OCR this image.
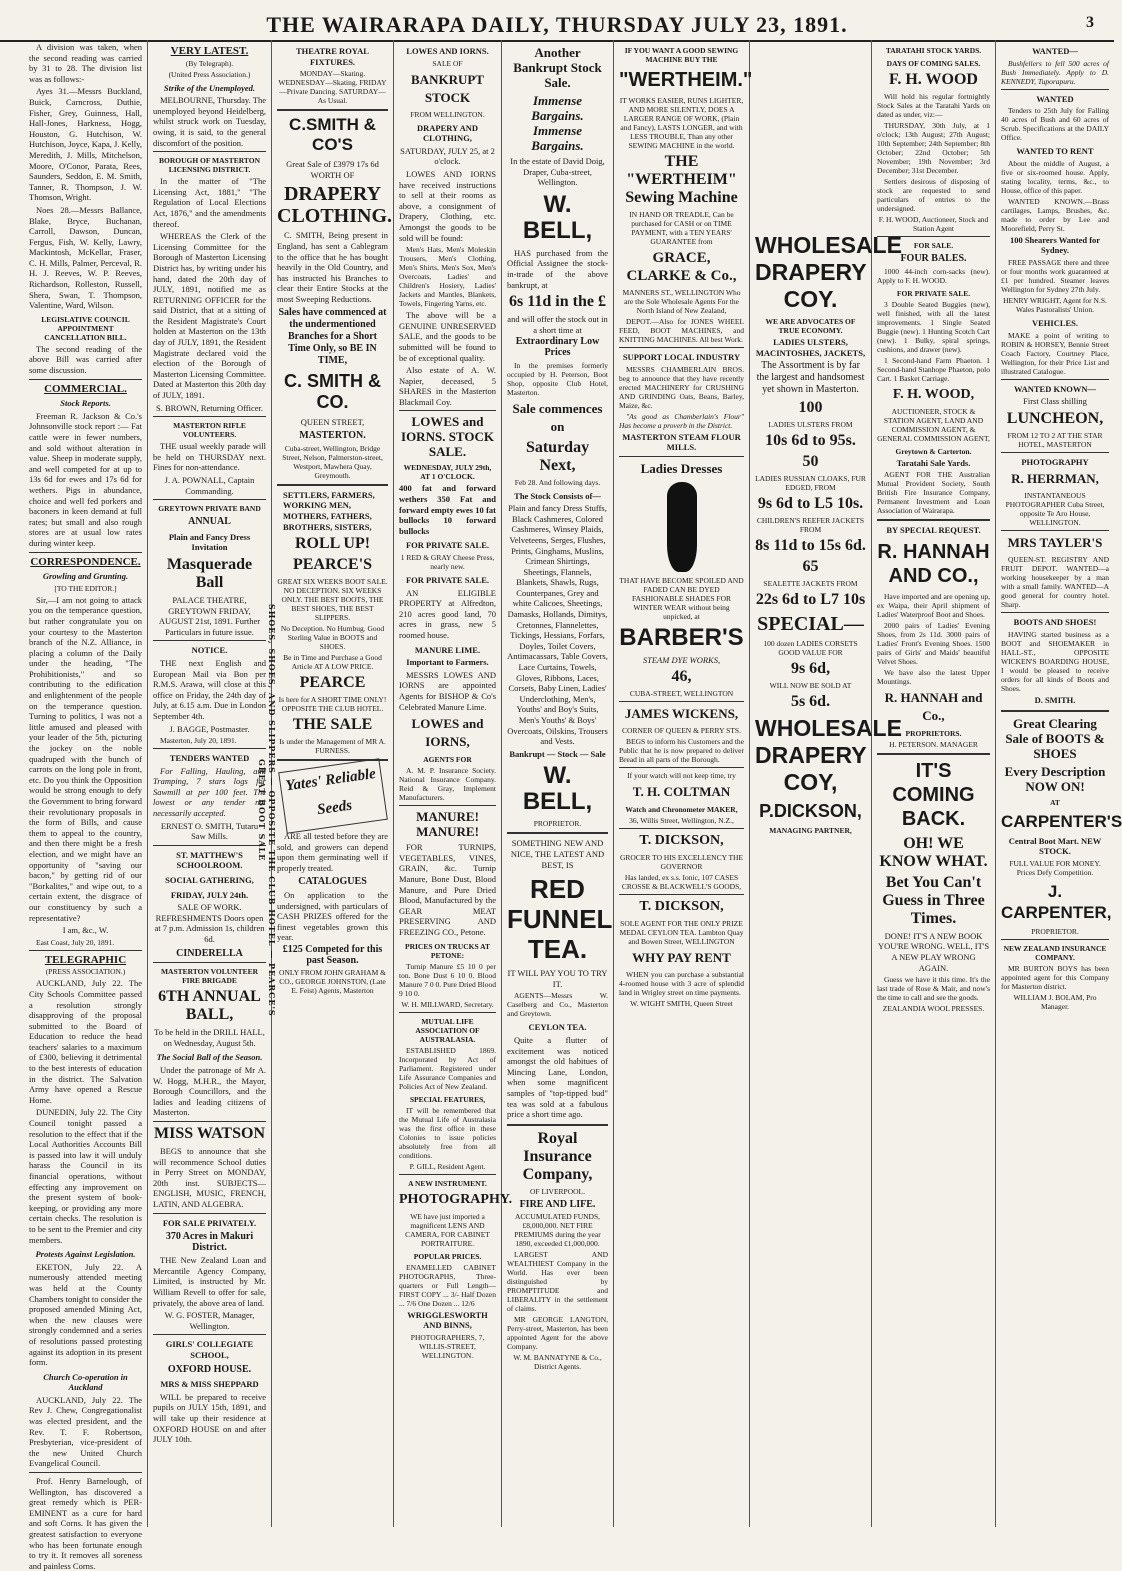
THE WAIRARAPA DAILY, THURSDAY JULY 23, 1891.	3

A division was taken, when the second reading was carried by 31 to 28. The division list was as follows:-

Ayes 31.—Messrs Buckland, Buick, Carncross, Duthie, Fisher, Grey, Guinness, Hall, Hall-Jones, Harkness, Hogg, Houston, G. Hutchison, W. Hutchison, Joyce, Kapa, J. Kelly, Meredith, J. Mills, Mitchelson, Moore, O'Conor, Parata, Rees, Saunders, Seddon, E. M. Smith, Tanner, R. Thompson, J. W. Thomson, Wright.

Noes 28.—Messrs Ballance, Blake, Bryce, Buchanan, Carroll, Dawson, Duncan, Fergus, Fish, W. Kelly, Lawry, Mackintosh, McKellar, Fraser, C. H. Mills, Palmer, Perceval, R. H. J. Reeves, W. P. Reeves, Richardson, Rolleston, Russell, Shera, Swan, T. Thompson, Valentine, Ward, Wilson.

LEGISLATIVE COUNCIL APPOINTMENT CANCELLATION BILL.

The second reading of the above Bill was carried after some discussion.

COMMERCIAL.

Stock Reports.

Freeman R. Jackson & Co.'s Johnsonville stock report :— Fat cattle were in fewer numbers, and sold without alteration in value. Sheep in moderate supply, and well competed for at up to 13s 6d for ewes and 17s 6d for wethers. Pigs in abundance, choice and well fed porkers and baconers in keen demand at full rates; but small and also rough stores are at usual low rates during winter keep.

CORRESPONDENCE.

Growling and Grunting.

[TO THE EDITOR.]

Sir,—I am not going to attack you on the temperance question, but rather congratulate you on your courtesy to the Masterton branch of the N.Z. Alliance, in placing a column of the Daily under the heading, "The Prohibitionists," and so contributing to the edification and enlightenment of the people on the temperance question. Turning to politics, I was not a little amused and pleased with your leader of the 5th, picturing the jockey on the noble quadruped with the bunch of carrots on the long pole in front, etc. Do you think the Opposition would be strong enough to defy the Government to bring forward their revolutionary proposals in the form of Bills, and cause them to appeal to the country, and then there might be a fresh election, and we might have an opportunity of "saving our bacon," by getting rid of our "Borkalites," and wipe out, to a certain extent, the disgrace of our constituency by such a representative?

I am, &c., W.

East Coast, July 20, 1891.

TELEGRAPHIC

(PRESS ASSOCIATION.)

AUCKLAND, July 22. The City Schools Committee passed a resolution strongly disapproving of the proposal submitted to the Board of Education to reduce the head teachers' salaries to a maximum of £300, believing it detrimental to the best interests of education in the district. The Salvation Army have opened a Rescue Home.

DUNEDIN, July 22. The City Council tonight passed a resolution to the effect that if the Local Authorities Accounts Bill is passed into law it will unduly harass the Council in its financial operations, without effecting any improvement on the present system of book-keeping, or providing any more certain checks. The resolution is to be sent to the Premier and city members.

Protests Against Legislation.

EKETON, July 22. A numerously attended meeting was held at the County Chambers tonight to consider the proposed amended Mining Act, when the new clauses were strongly condemned and a series of resolutions passed protesting against its adoption in its present form.

Church Co-operation in Auckland

AUCKLAND, July 22. The Rev J. Chew, Congregationalist was elected president, and the Rev. T. F. Robertson, Presbyterian, vice-president of the new United Church Evangelical Council.

Prof. Henry Barnelough, of Wellington, has discovered a great remedy which is PER-EMINENT as a cure for hard and soft Corns. It has given the greatest satisfaction to everyone who has been fortunate enough to try it. It removes all soreness and painless Corns.

VERY LATEST.

(By Telegraph).

(United Press Association.)

Strike of the Unemployed.

MELBOURNE, Thursday. The unemployed beyond Heidelberg, whilst struck work on Tuesday, owing, it is said, to the general discomfort of the position.

BOROUGH OF MASTERTON LICENSING DISTRICT.

In the matter of "The Licensing Act, 1881," "The Regulation of Local Elections Act, 1876," and the amendments thereof.

WHEREAS the Clerk of the Licensing Committee for the Borough of Masterton Licensing District has, by writing under his hand, dated the 20th day of JULY, 1891, notified me as RETURNING OFFICER for the said District, that at a sitting of the Resident Magistrate's Court holden at Masterton on the 13th day of JULY, 1891, the Resident Magistrate declared void the election of the Borough of Masterton Licensing Committee. Dated at Masterton this 20th day of JULY, 1891.

S. BROWN, Returning Officer.

MASTERTON RIFLE VOLUNTEERS.

THE usual weekly parade will be held on THURSDAY next. Fines for non-attendance.

J. A. POWNALL, Captain Commanding.

GREYTOWN PRIVATE BAND

ANNUAL

Plain and Fancy Dress Invitation

Masquerade Ball

PALACE THEATRE, GREYTOWN FRIDAY, AUGUST 21st, 1891. Further Particulars in future issue.

NOTICE.

THE next English and European Mail via Bon per R.M.S. Arawa, will close at this office on Friday, the 24th day of July, at 6.15 a.m. Due in London September 4th.

J. BAGGE, Postmaster.

Masterton, July 20, 1891.

TENDERS WANTED

For Falling, Hauling, and Tramping, 7 stars logs for Sawmill at per 100 feet. The lowest or any tender not necessarily accepted.

ERNEST O. SMITH, Tutaru Saw Mills.

ST. MATTHEW'S SCHOOLROOM.

SOCIAL GATHERING,

FRIDAY, JULY 24th.

SALE OF WORK. REFRESHMENTS Doors open at 7 p.m. Admission 1s, children 6d.

CINDERELLA

MASTERTON VOLUNTEER FIRE BRIGADE

6TH ANNUAL BALL,

To be held in the DRILL HALL, on Wednesday, August 5th.

The Social Ball of the Season.

Under the patronage of Mr A. W. Hogg, M.H.R., the Mayor, Borough Councillors, and the ladies and leading citizens of Masterton.

MISS WATSON

BEGS to announce that she will recommence School duties in Perry Street on MONDAY, 20th inst. SUBJECTS— ENGLISH, MUSIC, FRENCH, LATIN, AND ALGEBRA.

FOR SALE PRIVATELY.

370 Acres in Makuri District.

THE New Zealand Loan and Mercantile Agency Company, Limited, is instructed by Mr. William Revell to offer for sale, privately, the above area of land.

W. G. FOSTER, Manager, Wellington.

GIRLS' COLLEGIATE SCHOOL,

OXFORD HOUSE.

MRS & MISS SHEPPARD

WILL be prepared to receive pupils on JULY 15th, 1891, and will take up their residence at OXFORD HOUSE on and after JULY 10th.

THEATRE ROYAL FIXTURES.

MONDAY—Skating. WEDNESDAY—Skating. FRIDAY—Private Dancing. SATURDAY—As Usual.

C.SMITH & CO'S

Great Sale of £3979 17s 6d WORTH OF

DRAPERY CLOTHING.

C. SMITH, Being present in England, has sent a Cablegram to the office that he has bought heavily in the Old Country, and has instructed his Branches to clear their Entire Stocks at the most Sweeping Reductions.

Sales have commenced at the undermentioned Branches for a Short Time Only, so BE IN TIME,

C. SMITH & CO.

QUEEN STREET,

MASTERTON.

Cuba-street, Wellington, Bridge Street, Nelson, Palmerston-street, Westport, Mawhera Quay, Greymouth.

SETTLERS, FARMERS, WORKING MEN, MOTHERS, FATHERS, BROTHERS, SISTERS,

ROLL UP!

PEARCE'S

GREAT SIX WEEKS BOOT SALE. NO DECEPTION. SIX WEEKS ONLY. THE BEST BOOTS, THE BEST SHOES, THE BEST SLIPPERS.

No Deception. No Humbug. Good Sterling Value in BOOTS and SHOES.

Be in Time and Purchase a Good Article AT A LOW PRICE.

PEARCE

Is here for A SHORT TIME ONLY! OPPOSITE THE CLUB HOTEL.

THE SALE

Is under the Management of MR A. FURNESS.

Yates' Reliable Seeds

ARE all tested before they are sold, and growers can depend upon them germinating well if properly treated.

CATALOGUES

On application to the undersigned, with particulars of CASH PRIZES offered for the finest vegetables grown this year.

£125 Competed for this past Season.

ONLY FROM JOHN GRAHAM & CO., GEORGE JOHNSTON, (Late E. Feist) Agents, Masterton

SHOES, SHOES, AND SLIPPERS — OPPOSITE THE CLUB HOTEL — PEARCE'S GREAT BOOT SALE

LOWES AND IORNS.

SALE OF

BANKRUPT STOCK

FROM WELLINGTON.

DRAPERY AND CLOTHING,

SATURDAY, JULY 25, at 2 o'clock.

LOWES AND IORNS have received instructions to sell at their rooms as above, a consignment of Drapery, Clothing, etc. Amongst the goods to be sold will be found:

Men's Hats, Men's Moleskin Trousers, Men's Clothing, Men's Shirts, Men's Sox, Men's Overcoats, Ladies' and Children's Hosiery, Ladies' Jackets and Mantles, Blankets, Towels, Fingering Yarns, etc.

The above will be a GENUINE UNRESERVED SALE, and the goods to be submitted will be found to be of exceptional quality.

Also estate of A. W. Napier, deceased, 5 SHARES in the Masterton Blackmail Coy.

LOWES and IORNS. STOCK SALE.

WEDNESDAY, JULY 29th, AT 1 O'CLOCK.

400 fat and forward wethers 350 Fat and forward empty ewes 10 fat bullocks 10 forward bullocks

FOR PRIVATE SALE.

1 RED & GRAY Cheese Press, nearly new.

FOR PRIVATE SALE.

AN ELIGIBLE PROPERTY at Alfredton, 210 acres good land, 70 acres in grass, new 5 roomed house.

MANURE LIME.

Important to Farmers.

MESSRS LOWES AND IORNS are appointed Agents for BISHOP & Co's Celebrated Manure Lime.

LOWES and IORNS,

AGENTS FOR

A. M. P. Insurance Society. National Insurance Company. Reid & Gray, Implement Manufacturers.

MANURE! MANURE!

FOR TURNIPS, VEGETABLES, VINES, GRAIN, &c. Turnip Manure, Bone Dust, Blood Manure, and Pure Dried Blood, Manufactured by the GEAR MEAT PRESERVING AND FREEZING CO., Petone.

PRICES ON TRUCKS AT PETONE:

Turnip Manure £5 10 0 per ton. Bone Dust 6 10 0. Blood Manure 7 0 0. Pure Dried Blood 9 10 0.

W. H. MILLWARD, Secretary.

MUTUAL LIFE ASSOCIATION OF AUSTRALASIA.

ESTABLISHED 1869. Incorporated by Act of Parliament. Registered under Life Assurance Companies and Policies Act of New Zealand.

SPECIAL FEATURES,

IT will be remembered that the Mutual Life of Australasia was the first office in these Colonies to issue policies absolutely free from all conditions.

P. GILL, Resident Agent.

A NEW INSTRUMENT.

PHOTOGRAPHY.

WE have just imported a magnificent LENS AND CAMERA, FOR CABINET PORTRAITURE.

POPULAR PRICES.

ENAMELLED CABINET PHOTOGRAPHS, Three-quarters or Full Length— FIRST COPY ... 3/- Half Dozen ... 7/6 One Dozen ... 12/6

WRIGGLESWORTH AND BINNS,

PHOTOGRAPHERS, 7, WILLIS-STREET, WELLINGTON.

Another Bankrupt Stock Sale.

Immense Bargains. Immense Bargains.

In the estate of David Doig, Draper, Cuba-street, Wellington.

W. BELL,

HAS purchased from the Official Assignee the stock-in-trade of the above bankrupt, at

6s 11d in the £

and will offer the stock out in a short time at

Extraordinary Low Prices

In the premises formerly occupied by H. Peterson, Boot Shop, opposite Club Hotel, Masterton.

Sale commences on

Saturday Next,

Feb 28. And following days.

The Stock Consists of—

Plain and fancy Dress Stuffs, Black Cashmeres, Colored Cashmeres, Winsey Plaids, Velveteens, Serges, Flushes, Prints, Ginghams, Muslins, Crimean Shirtings, Sheetings, Flannels, Blankets, Shawls, Rugs, Counterpanes, Grey and white Calicoes, Sheetings, Damasks, Hollands, Dimitys, Cretonnes, Flannelettes, Tickings, Hessians, Forfars, Doyles, Toilet Covers, Antimacassars, Table Covers, Lace Curtains, Towels, Gloves, Ribbons, Laces, Corsets, Baby Linen, Ladies' Underclothing, Men's, Youths' and Boy's Suits, Men's Youths' & Boys' Overcoats, Oilskins, Trousers and Vests.

Bankrupt — Stock — Sale

W. BELL,

PROPRIETOR.

SOMETHING NEW AND NICE, THE LATEST AND BEST, IS

RED FUNNEL TEA.

IT WILL PAY YOU TO TRY IT.

AGENTS—Messrs W. Caselberg and Co., Masterton and Greytown.

CEYLON TEA.

Quite a flutter of excitement was noticed amongst the old habitues of Mincing Lane, London, when some magnificent samples of "top-tipped bud" tea was sold at a fabulous price a short time ago.

Royal Insurance Company,

OF LIVERPOOL.

FIRE AND LIFE.

ACCUMULATED FUNDS, £8,000,000. NET FIRE PREMIUMS during the year 1890, exceeded £1,000,000.

LARGEST AND WEALTHIEST Company in the World. Has ever been distinguished by PROMPTITUDE and LIBERALITY in the settlement of claims.

MR GEORGE LANGTON, Perry-street, Masterton, has been appointed Agent for the above Company.

W. M. BANNATYNE & Co., District Agents.

IF YOU WANT A GOOD SEWING MACHINE BUY THE

"WERTHEIM."

IT WORKS EASIER, RUNS LIGHTER, AND MORE SILENTLY, DOES A LARGER RANGE OF WORK, (Plain and Fancy), LASTS LONGER, and with LESS TROUBLE, Than any other SEWING MACHINE in the world.

THE "WERTHEIM" Sewing Machine

IN HAND OR TREADLE, Can be purchased for CASH or on TIME PAYMENT, with a TEN YEARS' GUARANTEE from

GRACE, CLARKE & Co.,

MANNERS ST., WELLINGTON Who are the Sole Wholesale Agents For the North Island of New Zealand,

DEPOT.—Also for JONES WHEEL FEED, BOOT MACHINES, and KNITTING MACHINES. All best Work.

SUPPORT LOCAL INDUSTRY

MESSRS CHAMBERLAIN BROS. beg to announce that they have recently erected MACHINERY for CRUSHING AND GRINDING Oats, Beans, Barley, Maize, &c.

"As good as Chamberlain's Flour" Has become a proverb in the District.

MASTERTON STEAM FLOUR MILLS.

Ladies Dresses

THAT HAVE BECOME SPOILED AND FADED CAN BE DYED FASHIONABLE SHADES FOR WINTER WEAR without being unpicked, at

BARBER'S

STEAM DYE WORKS,

46,

CUBA-STREET, WELLINGTON

JAMES WICKENS,

CORNER OF QUEEN & PERRY STS.

BEGS to inform his Customers and the Public that he is now prepared to deliver Bread in all parts of the Borough.

If your watch will not keep time, try

T. H. COLTMAN

Watch and Chronometer MAKER,

36, Willis Street, Wellington, N.Z.,

T. DICKSON,

GROCER TO HIS EXCELLENCY THE GOVERNOR

Has landed, ex s.s. Ionic, 107 CASES CROSSE & BLACKWELL'S GOODS,

T. DICKSON,

SOLE AGENT FOR THE ONLY PRIZE MEDAL CEYLON TEA. Lambton Quay and Bowen Street, WELLINGTON

WHY PAY RENT

WHEN you can purchase a substantial 4-roomed house with 3 acre of splendid land in Wrigley street on time payments.

W. WIGHT SMITH, Queen Street

WHOLESALE DRAPERY COY.

WE ARE ADVOCATES OF TRUE ECONOMY.

LADIES ULSTERS, MACINTOSHES, JACKETS,

The Assortment is by far the largest and handsomest yet shown in Masterton.

100

LADIES ULSTERS FROM

10s 6d to 95s.

50

LADIES RUSSIAN CLOAKS, FUR EDGED, FROM

9s 6d to L5 10s.

CHILDREN'S REEFER JACKETS FROM

8s 11d to 15s 6d.

65

SEALETTE JACKETS FROM

22s 6d to L7 10s

SPECIAL—

100 dozen LADIES CORSETS GOOD VALUE FOR

9s 6d,

WILL NOW BE SOLD AT

5s 6d.

WHOLESALE DRAPERY COY,

P.DICKSON,

MANAGING PARTNER,

TARATAHI STOCK YARDS.

DAYS OF COMING SALES.

F. H. WOOD

Will hold his regular fortnightly Stock Sales at the Taratahi Yards on dated as under, viz:—

THURSDAY, 30th July, at 1 o'clock; 13th August; 27th August; 10th September; 24th September; 8th October; 22nd October; 5th November; 19th November; 3rd December; 31st December.

Settlers desirous of disposing of stock are requested to send particulars of entries to the undersigned.

F. H. WOOD, Auctioneer, Stock and Station Agent

FOR SALE.

FOUR BALES.

1000 44-inch corn-sacks (new). Apply to F. H. WOOD.

FOR PRIVATE SALE.

3 Double Seated Buggies (new), well finished, with all the latest improvements. 1 Single Seated Buggie (new). 1 Hunting Scotch Cart (new). 1 Bulky, spiral springs, cushions, and drawer (new).

1 Second-hand Farm Phaeton. 1 Second-hand Stanhope Phaeton, polo Cart. 1 Basket Carriage.

F. H. WOOD,

AUCTIONEER, STOCK & STATION AGENT, LAND AND COMMISSION AGENT, & GENERAL COMMISSION AGENT,

Greytown & Carterton.

Taratahi Sale Yards.

AGENT FOR THE Australian Mutual Provident Society, South British Fire Insurance Company, Permanent Investment and Loan Association of Wairarapa.

BY SPECIAL REQUEST.

R. HANNAH AND CO.,

Have imported and are opening up, ex Waipa, their April shipment of Ladies' Waterproof Boot and Shoes.

2000 pairs of Ladies' Evening Shoes, from 2s 11d. 3000 pairs of Ladies' Front's Evening Shoes. 1500 pairs of Girls' and Maids' beautiful Velvet Shoes.

We have also the latest Upper Mountings.

R. HANNAH and Co.,

PROPRIETORS.

H. PETERSON. MANAGER

IT'S COMING BACK.

OH! WE KNOW WHAT.

Bet You Can't Guess in Three Times.

DONE! IT'S A NEW BOOK YOU'RE WRONG. WELL, IT'S A NEW PLAY WRONG AGAIN.

Guess we have it this time. It's the last trade of Rose & Mair, and now's the time to call and see the goods.

ZEALANDIA WOOL PRESSES.

WANTED—

Bushfellers to fell 500 acres of Bush Immediately. Apply to D. KENNEDY, Tuporapuru.

WANTED

Tenders to 25th July for Falling 40 acres of Bush and 60 acres of Scrub. Specifications at the DAILY Office.

WANTED TO RENT

About the middle of August, a five or six-roomed house. Apply, stating locality, terms, &c., to House, office of this paper.

WANTED KNOWN.—Brass cartilages, Lamps, Brushes, &c. made to order by Lee and Moorefield, Perry St.

100 Shearers Wanted for Sydney.

FREE PASSAGE there and three or four months work guaranteed at £1 per hundred. Steamer leaves Wellington for Sydney 27th July.

HENRY WRIGHT, Agent for N.S. Wales Pastoralists' Union.

VEHICLES.

MAKE a point of writing to ROBIN & HORSEY, Bennie Street Coach Factory, Courtney Place, Wellington, for their Price List and illustrated Catalogue.

WANTED KNOWN—

First Class shilling

LUNCHEON,

FROM 12 TO 2 AT THE STAR HOTEL, MASTERTON

PHOTOGRAPHY

R. HERRMAN,

INSTANTANEOUS PHOTOGRAPHER Cuba Street, opposite Te Aro House, WELLINGTON.

MRS TAYLER'S

QUEEN-ST. REGISTRY AND FRUIT DEPOT. WANTED—a working housekeeper by a man with a small family. WANTED—A good general for country hotel. Sharp.

BOOTS AND SHOES!

HAVING started business as a BOOT and SHOEMAKER in HALL-ST., OPPOSITE WICKEN'S BOARDING HOUSE, I would be pleased to receive orders for all kinds of Boots and Shoes.

D. SMITH.

Great Clearing Sale of BOOTS & SHOES

Every Description NOW ON!

AT

CARPENTER'S

Central Boot Mart. NEW STOCK.

FULL VALUE FOR MONEY. Prices Defy Competition.

J. CARPENTER,

PROPRIETOR.

NEW ZEALAND INSURANCE COMPANY.

MR BURTON BOYS has been appointed agent for this Company for Masterton district.

WILLIAM J. BOLAM, Pro Manager.
